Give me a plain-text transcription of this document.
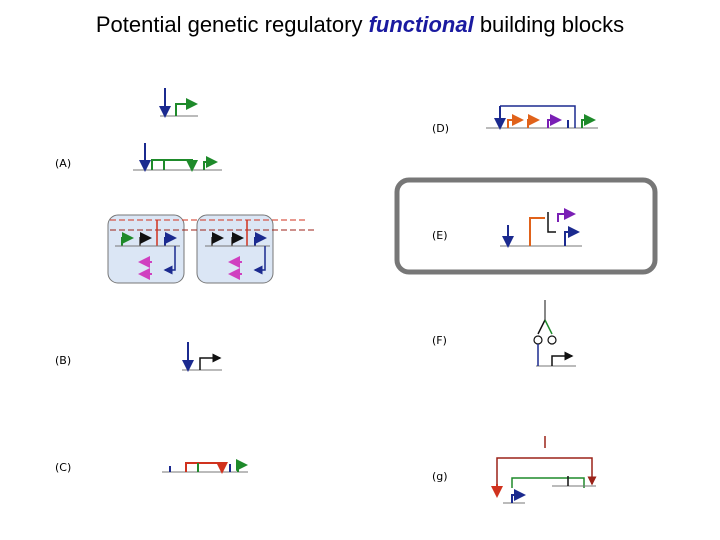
Potential genetic regulatory functional building blocks
(A)
(B)
(C)
(D)
(E)
(F)
(g)
